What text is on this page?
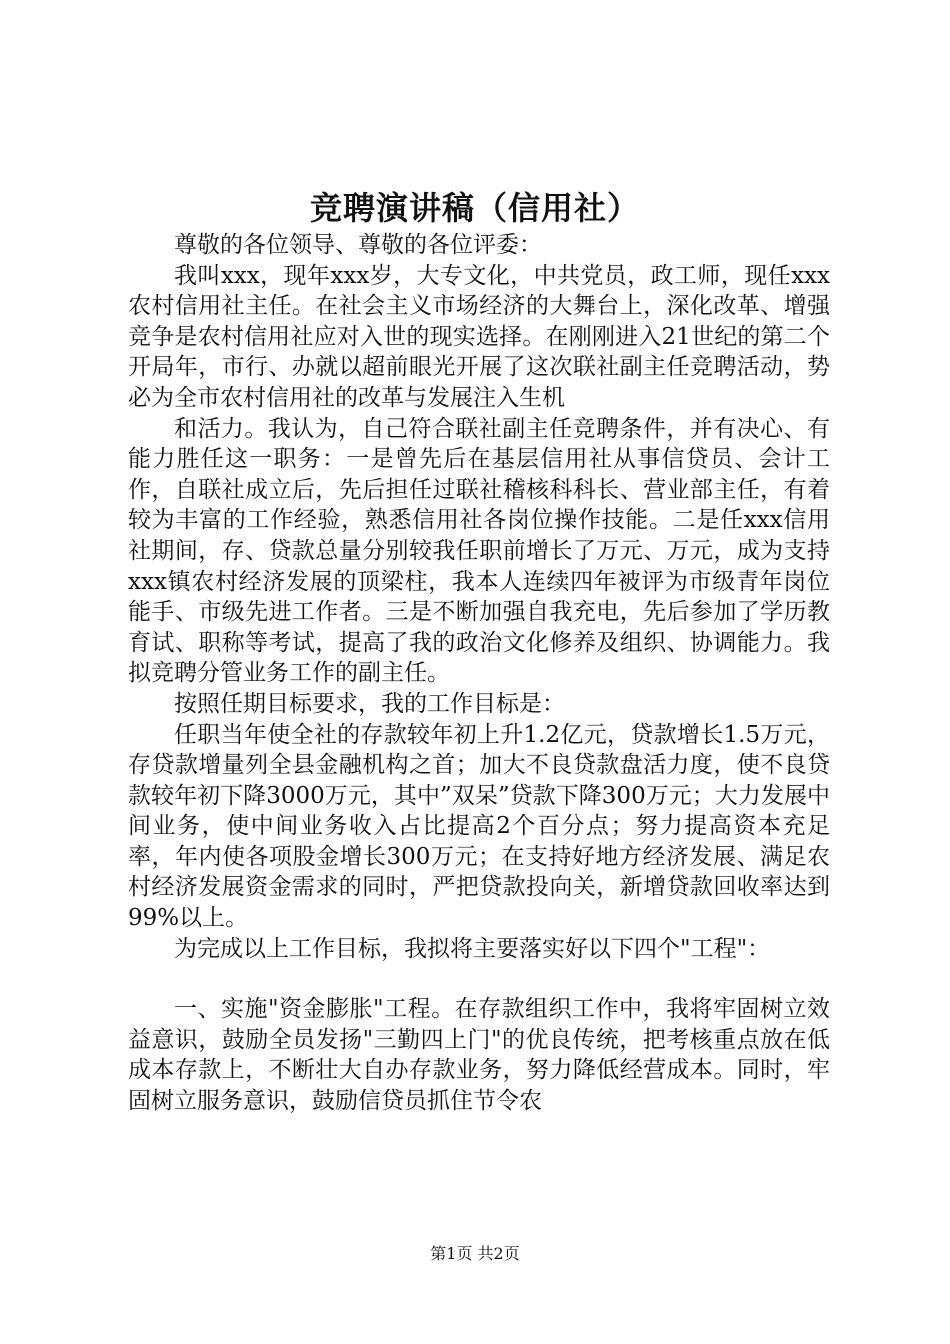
竞聘演讲稿（信用社）

尊敬的各位领导、尊敬的各位评委：

我叫xxx，现年xxx岁，大专文化，中共党员，政工师，现任xxx农村信用社主任。在社会主义市场经济的大舞台上，深化改革、增强竞争是农村信用社应对入世的现实选择。在刚刚进入21世纪的第二个开局年，市行、办就以超前眼光开展了这次联社副主任竞聘活动，势必为全市农村信用社的改革与发展注入生机

和活力。我认为，自己符合联社副主任竞聘条件，并有决心、有能力胜任这一职务：一是曾先后在基层信用社从事信贷员、会计工作，自联社成立后，先后担任过联社稽核科科长、营业部主任，有着较为丰富的工作经验，熟悉信用社各岗位操作技能。二是任xxx信用社期间，存、贷款总量分别较我任职前增长了万元、万元，成为支持xxx镇农村经济发展的顶梁柱，我本人连续四年被评为市级青年岗位能手、市级先进工作者。三是不断加强自我充电，先后参加了学历教育试、职称等考试，提高了我的政治文化修养及组织、协调能力。我拟竞聘分管业务工作的副主任。

按照任期目标要求，我的工作目标是：

任职当年使全社的存款较年初上升1.2亿元，贷款增长1.5万元，存贷款增量列全县金融机构之首；加大不良贷款盘活力度，使不良贷款较年初下降3000万元，其中”双呆”贷款下降300万元；大力发展中间业务，使中间业务收入占比提高2个百分点；努力提高资本充足率，年内使各项股金增长300万元；在支持好地方经济发展、满足农村经济发展资金需求的同时，严把贷款投向关，新增贷款回收率达到99%以上。

为完成以上工作目标，我拟将主要落实好以下四个"工程"：

一、实施"资金膨胀"工程。在存款组织工作中，我将牢固树立效益意识，鼓励全员发扬"三勤四上门"的优良传统，把考核重点放在低成本存款上，不断壮大自办存款业务，努力降低经营成本。同时，牢固树立服务意识，鼓励信贷员抓住节令农

第1页 共2页
